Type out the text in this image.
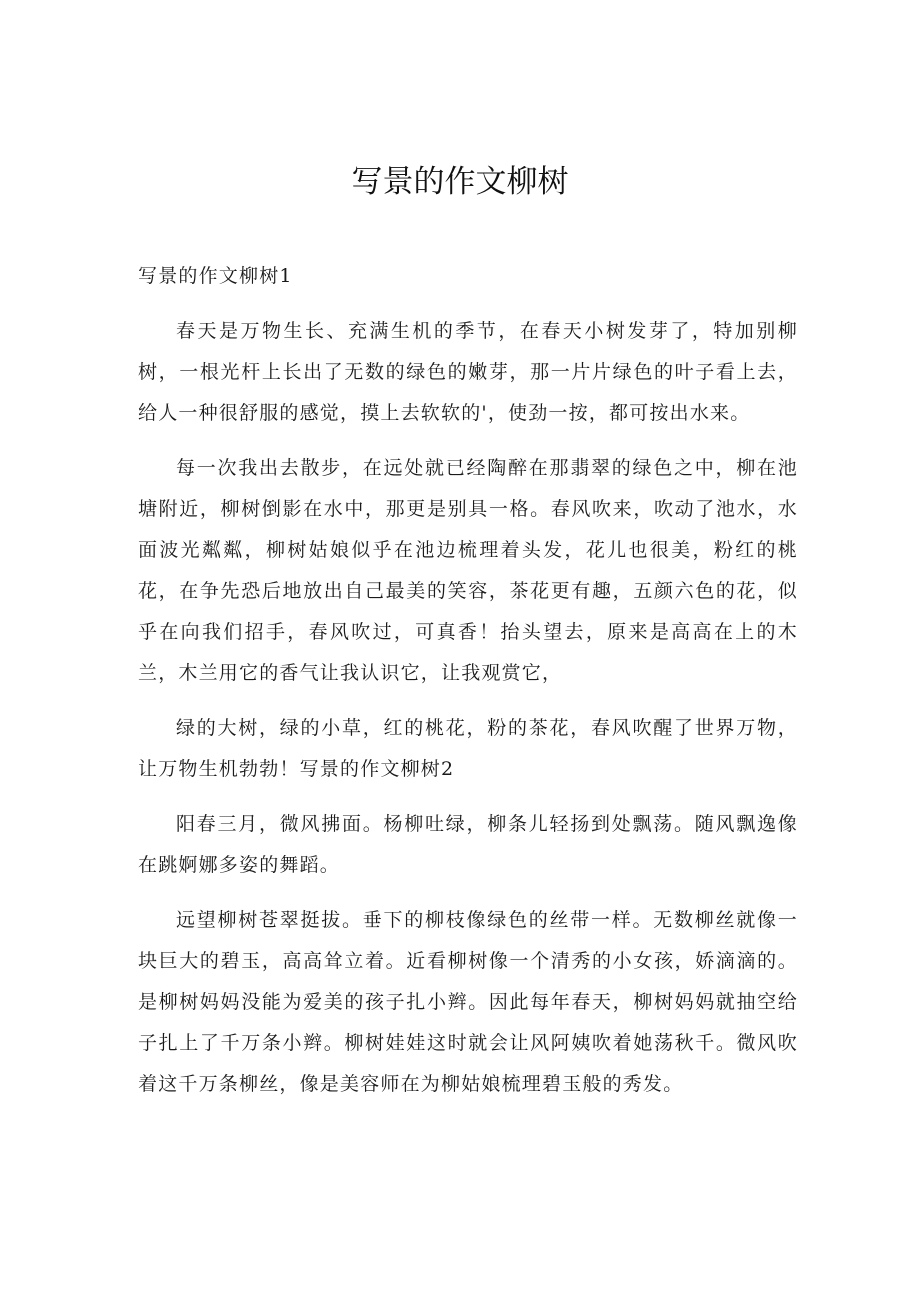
写景的作文柳树
写景的作文柳树1
春天是万物生长、充满生机的季节，在春天小树发芽了，特加别柳
树，一根光杆上长出了无数的绿色的嫩芽，那一片片绿色的叶子看上去，
给人一种很舒服的感觉，摸上去软软的'，使劲一按，都可按出水来。
每一次我出去散步，在远处就已经陶醉在那翡翠的绿色之中，柳在池
塘附近，柳树倒影在水中，那更是别具一格。春风吹来，吹动了池水，水
面波光粼粼，柳树姑娘似乎在池边梳理着头发，花儿也很美，粉红的桃
花，在争先恐后地放出自己最美的笑容，茶花更有趣，五颜六色的花，似
乎在向我们招手，春风吹过，可真香！抬头望去，原来是高高在上的木
兰，木兰用它的香气让我认识它，让我观赏它，
绿的大树，绿的小草，红的桃花，粉的茶花，春风吹醒了世界万物，
让万物生机勃勃！写景的作文柳树2
阳春三月，微风拂面。杨柳吐绿，柳条儿轻扬到处飘荡。随风飘逸像
在跳婀娜多姿的舞蹈。
远望柳树苍翠挺拔。垂下的柳枝像绿色的丝带一样。无数柳丝就像一
块巨大的碧玉，高高耸立着。近看柳树像一个清秀的小女孩，娇滴滴的。
是柳树妈妈没能为爱美的孩子扎小辫。因此每年春天，柳树妈妈就抽空给
子扎上了千万条小辫。柳树娃娃这时就会让风阿姨吹着她荡秋千。微风吹
着这千万条柳丝，像是美容师在为柳姑娘梳理碧玉般的秀发。
